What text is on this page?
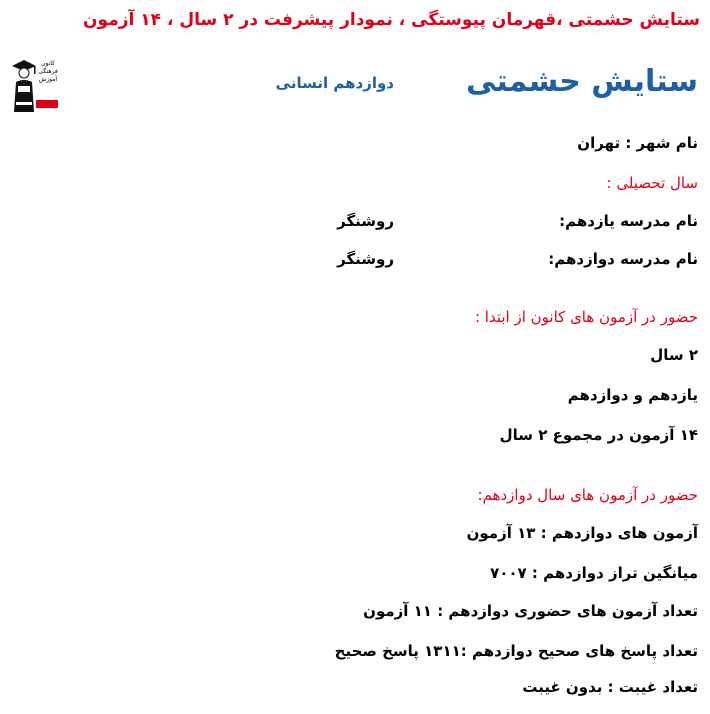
ستایش حشمتی ،قهرمان پیوستگی ، نمودار پیشرفت در ۲ سال ، ۱۴ آزمون
ستایش حشمتی
دوازدهم انسانی
کانون
فرهنگی
آموزش
قلم‌چی
نام شهر : تهران
سال تحصیلی :
نام مدرسه یازدهم:
روشنگر
نام مدرسه دوازدهم:
روشنگر
حضور در آزمون های کانون از ابتدا :
۲ سال
یازدهم و دوازدهم
۱۴ آزمون در مجموع ۲ سال
حضور در آزمون های سال دوازدهم:
آزمون های دوازدهم : ۱۳ آزمون
میانگین تراز دوازدهم : ۷۰۰۷
تعداد آزمون های حضوری دوازدهم : ۱۱ آزمون
تعداد پاسخ های صحیح دوازدهم :۱۳۱۱ پاسخ صحیح
تعداد غیبت : بدون غیبت
